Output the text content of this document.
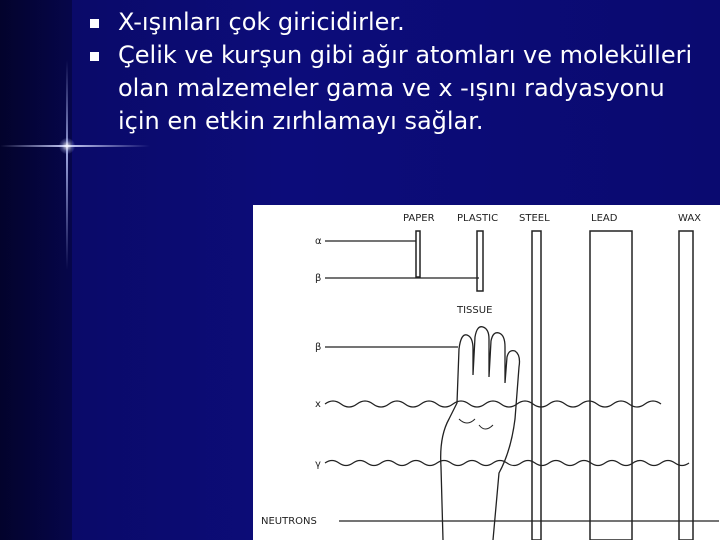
X-ışınları çok giricidirler.
Çelik ve kurşun gibi ağır atomları ve molekülleri olan malzemeler gama ve x -ışını radyasyonu için en etkin zırhlamayı sağlar.
PAPER PLASTIC STEEL	LEAD	WAX
TISSUE
α
β
β
x
γ
NEUTRONS
